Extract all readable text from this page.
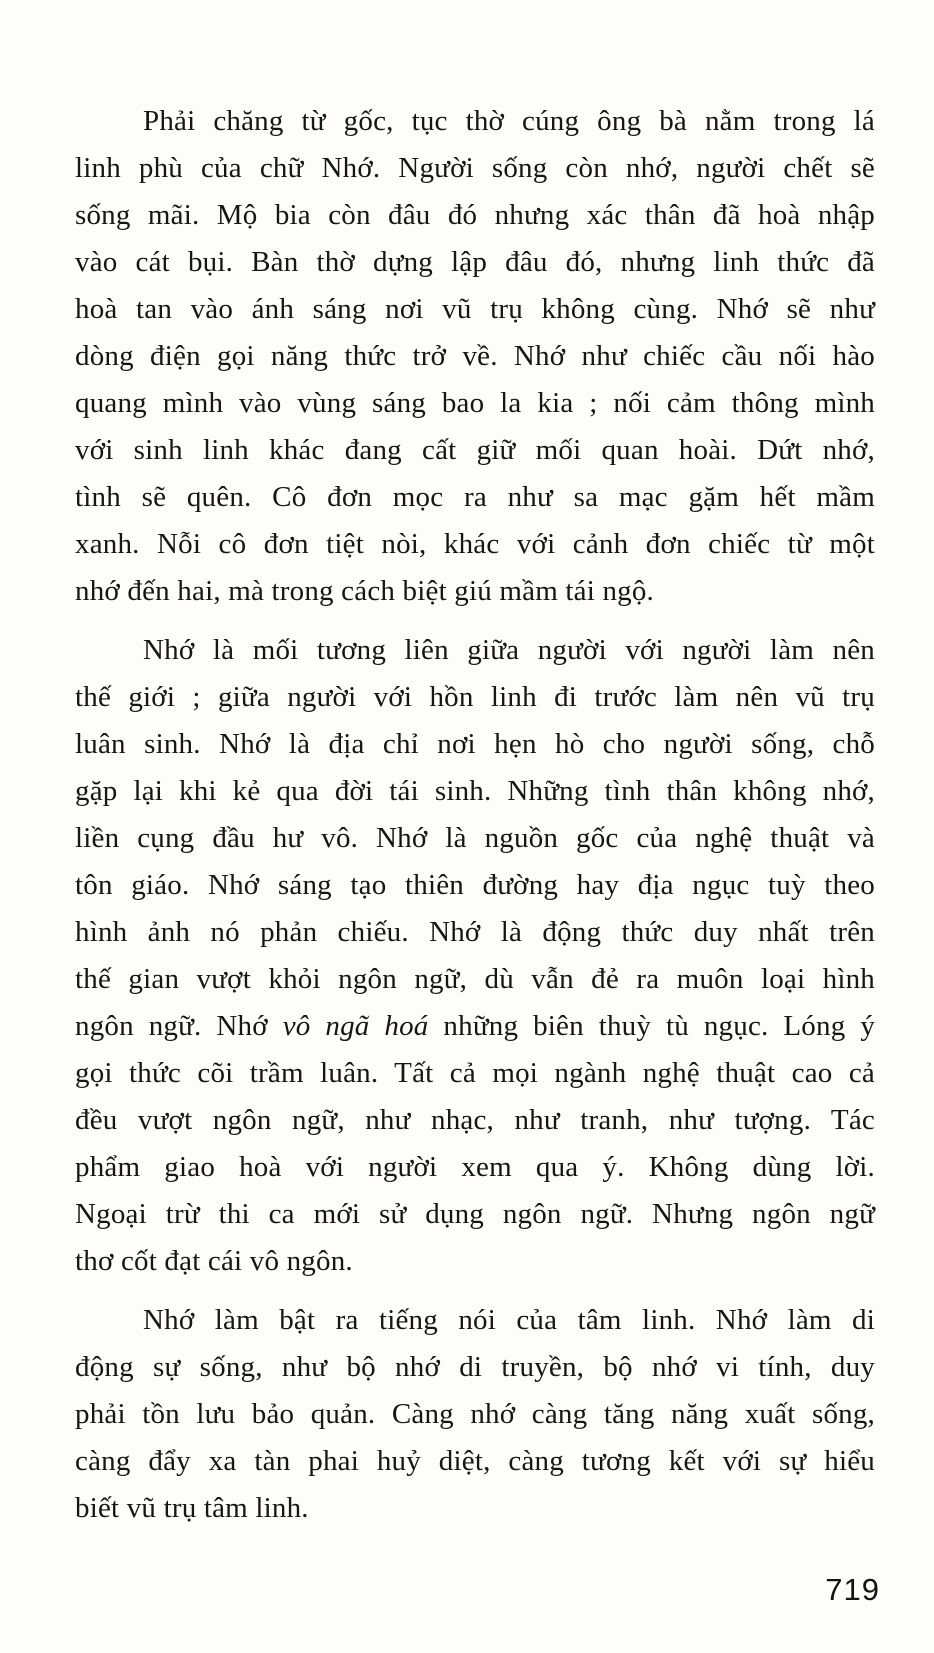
Phải chăng từ gốc, tục thờ cúng ông bà nằm trong lá
linh phù của chữ Nhớ. Người sống còn nhớ, người chết sẽ
sống mãi. Mộ bia còn đâu đó nhưng xác thân đã hoà nhập
vào cát bụi. Bàn thờ dựng lập đâu đó, nhưng linh thức đã
hoà tan vào ánh sáng nơi vũ trụ không cùng. Nhớ sẽ như
dòng điện gọi năng thức trở về. Nhớ như chiếc cầu nối hào
quang mình vào vùng sáng bao la kia ; nối cảm thông mình
với sinh linh khác đang cất giữ mối quan hoài. Dứt nhớ,
tình sẽ quên. Cô đơn mọc ra như sa mạc gặm hết mầm
xanh. Nỗi cô đơn tiệt nòi, khác với cảnh đơn chiếc từ một
nhớ đến hai, mà trong cách biệt giú mầm tái ngộ.
Nhớ là mối tương liên giữa người với người làm nên
thế giới ; giữa người với hồn linh đi trước làm nên vũ trụ
luân sinh. Nhớ là địa chỉ nơi hẹn hò cho người sống, chỗ
gặp lại khi kẻ qua đời tái sinh. Những tình thân không nhớ,
liền cụng đầu hư vô. Nhớ là nguồn gốc của nghệ thuật và
tôn giáo. Nhớ sáng tạo thiên đường hay địa ngục tuỳ theo
hình ảnh nó phản chiếu. Nhớ là động thức duy nhất trên
thế gian vượt khỏi ngôn ngữ, dù vẫn đẻ ra muôn loại hình
ngôn ngữ. Nhớ vô ngã hoá những biên thuỳ tù ngục. Lóng ý
gọi thức cõi trầm luân. Tất cả mọi ngành nghệ thuật cao cả
đều vượt ngôn ngữ, như nhạc, như tranh, như tượng. Tác
phẩm giao hoà với người xem qua ý. Không dùng lời.
Ngoại trừ thi ca mới sử dụng ngôn ngữ. Nhưng ngôn ngữ
thơ cốt đạt cái vô ngôn.
Nhớ làm bật ra tiếng nói của tâm linh. Nhớ làm di
động sự sống, như bộ nhớ di truyền, bộ nhớ vi tính, duy
phải tồn lưu bảo quản. Càng nhớ càng tăng năng xuất sống,
càng đẩy xa tàn phai huỷ diệt, càng tương kết với sự hiểu
biết vũ trụ tâm linh.
719
